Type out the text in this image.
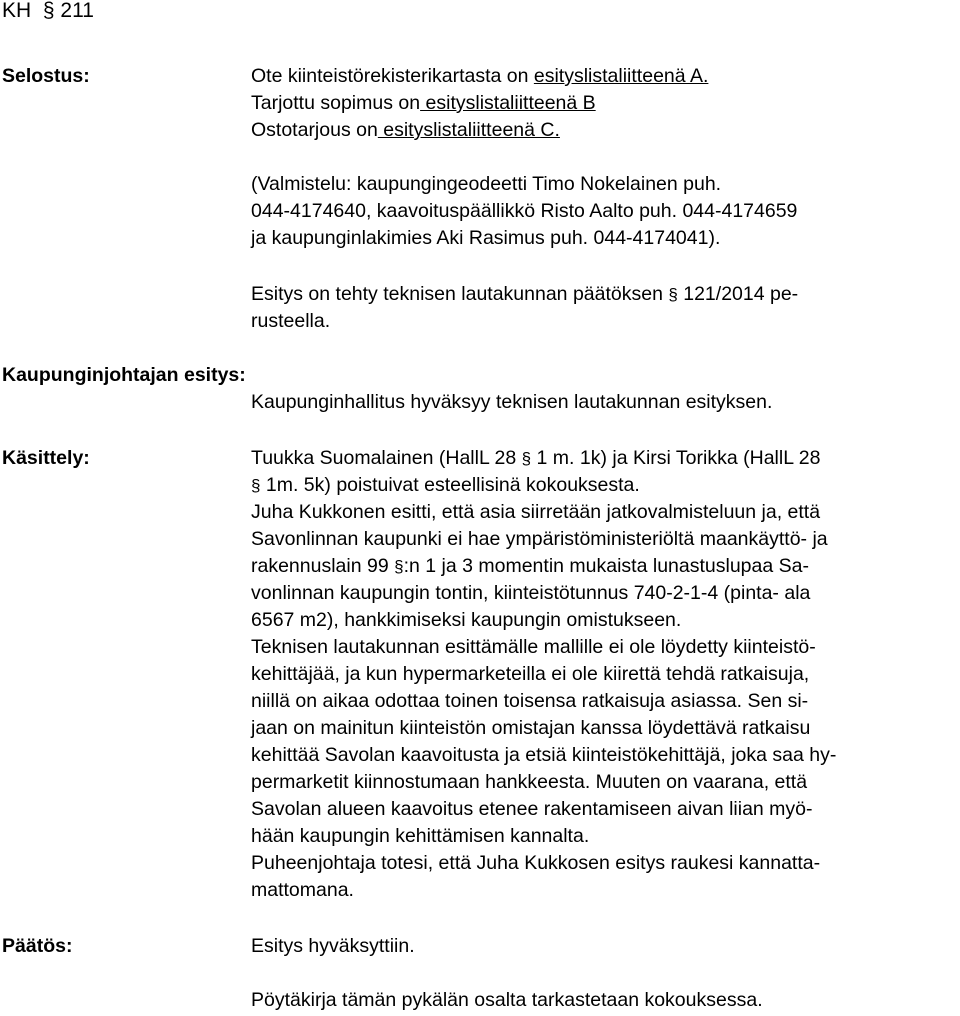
KH § 211
Selostus:	Ote kiinteistörekisterikartasta on esityslistaliitteenä A.
Tarjottu sopimus on esityslistaliitteenä B
Ostotarjous on esityslistaliitteenä C.
(Valmistelu: kaupungingeodeetti Timo Nokelainen puh.
044-4174640, kaavoituspäällikkö Risto Aalto puh. 044-4174659
ja kaupunginlakimies Aki Rasimus puh. 044-4174041).
Esitys on tehty teknisen lautakunnan päätöksen § 121/2014 pe-
rusteella.
Kaupunginjohtajan esitys:
Kaupunginhallitus hyväksyy teknisen lautakunnan esityksen.
Käsittely:	Tuukka Suomalainen (HallL 28 § 1 m. 1k) ja Kirsi Torikka (HallL 28
§ 1m. 5k) poistuivat esteellisinä kokouksesta.
Juha Kukkonen esitti, että asia siirretään jatkovalmisteluun ja, että
Savonlinnan kaupunki ei hae ympäristöministeriöltä maankäyttö- ja
rakennuslain 99 §:n 1 ja 3 momentin mukaista lunastuslupaa Sa-
vonlinnan kaupungin tontin, kiinteistötunnus 740-2-1-4 (pinta- ala
6567 m2), hankkimiseksi kaupungin omistukseen.
Teknisen lautakunnan esittämälle mallille ei ole löydetty kiinteistö-
kehittäjää, ja kun hypermarketeilla ei ole kiirettä tehdä ratkaisuja,
niillä on aikaa odottaa toinen toisensa ratkaisuja asiassa. Sen si-
jaan on mainitun kiinteistön omistajan kanssa löydettävä ratkaisu
kehittää Savolan kaavoitusta ja etsiä kiinteistökehittäjä, joka saa hy-
permarketit kiinnostumaan hankkeesta. Muuten on vaarana, että
Savolan alueen kaavoitus etenee rakentamiseen aivan liian myö-
hään kaupungin kehittämisen kannalta.
Puheenjohtaja totesi, että Juha Kukkosen esitys raukesi kannatta-
mattomana.
Päätös:	Esitys hyväksyttiin.
Pöytäkirja tämän pykälän osalta tarkastetaan kokouksessa.
